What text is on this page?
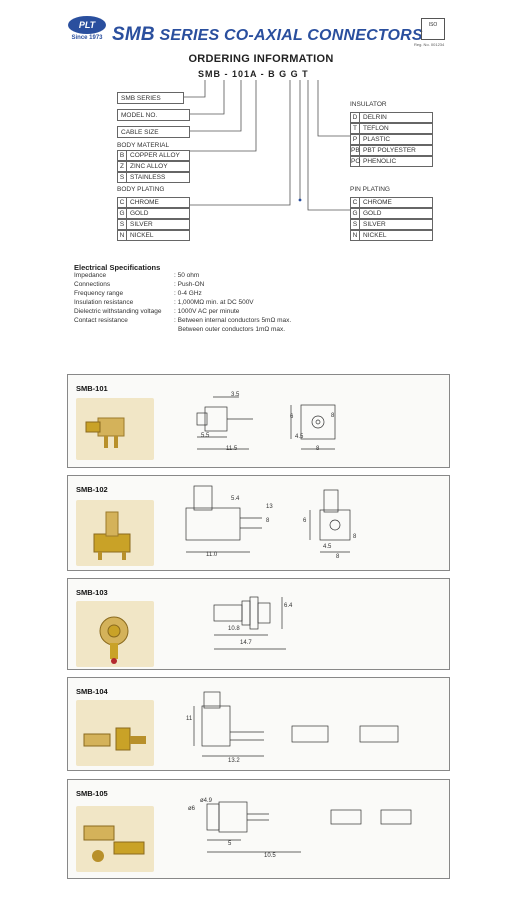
PLT
Since 1973 SMB SERIES CO-AXIAL CONNECTORS
ISO
Reg. No. 001234
ORDERING INFORMATION
SMB - 101A - B G G T
SMB SERIES
MODEL NO.
CABLE SIZE
BODY MATERIAL
B COPPER ALLOY
Z ZINC ALLOY
S STAINLESS
BODY PLATING
C CHROME
G GOLD
S SILVER
N NICKEL
INSULATOR
D DELRIN
T TEFLON
P PLASTIC
PB PBT POLYESTER
PO PHENOLIC
PIN PLATING
C CHROME
G GOLD
S SILVER
N NICKEL
Electrical Specifications
Impedance	: 50 ohm
Connections	: Push-ON
Frequency range	: 0-4 GHz
Insulation resistance	: 1,000MΩ min. at DC 500V
Dielectric withstanding voltage : 1000V AC per minute
Contact resistance	: Between internal conductors 5mΩ max.
Between outer conductors 1mΩ max.
SMB-101
3.5
5.5
11.5
6
4.5
8
8
SMB-102
5.4
13
8
11.0
6
4.5
8
8
SMB-103
6.4
10.8
14.7
SMB-104
11
13.2
SMB-105
ø6
ø4.9
5
10.5
